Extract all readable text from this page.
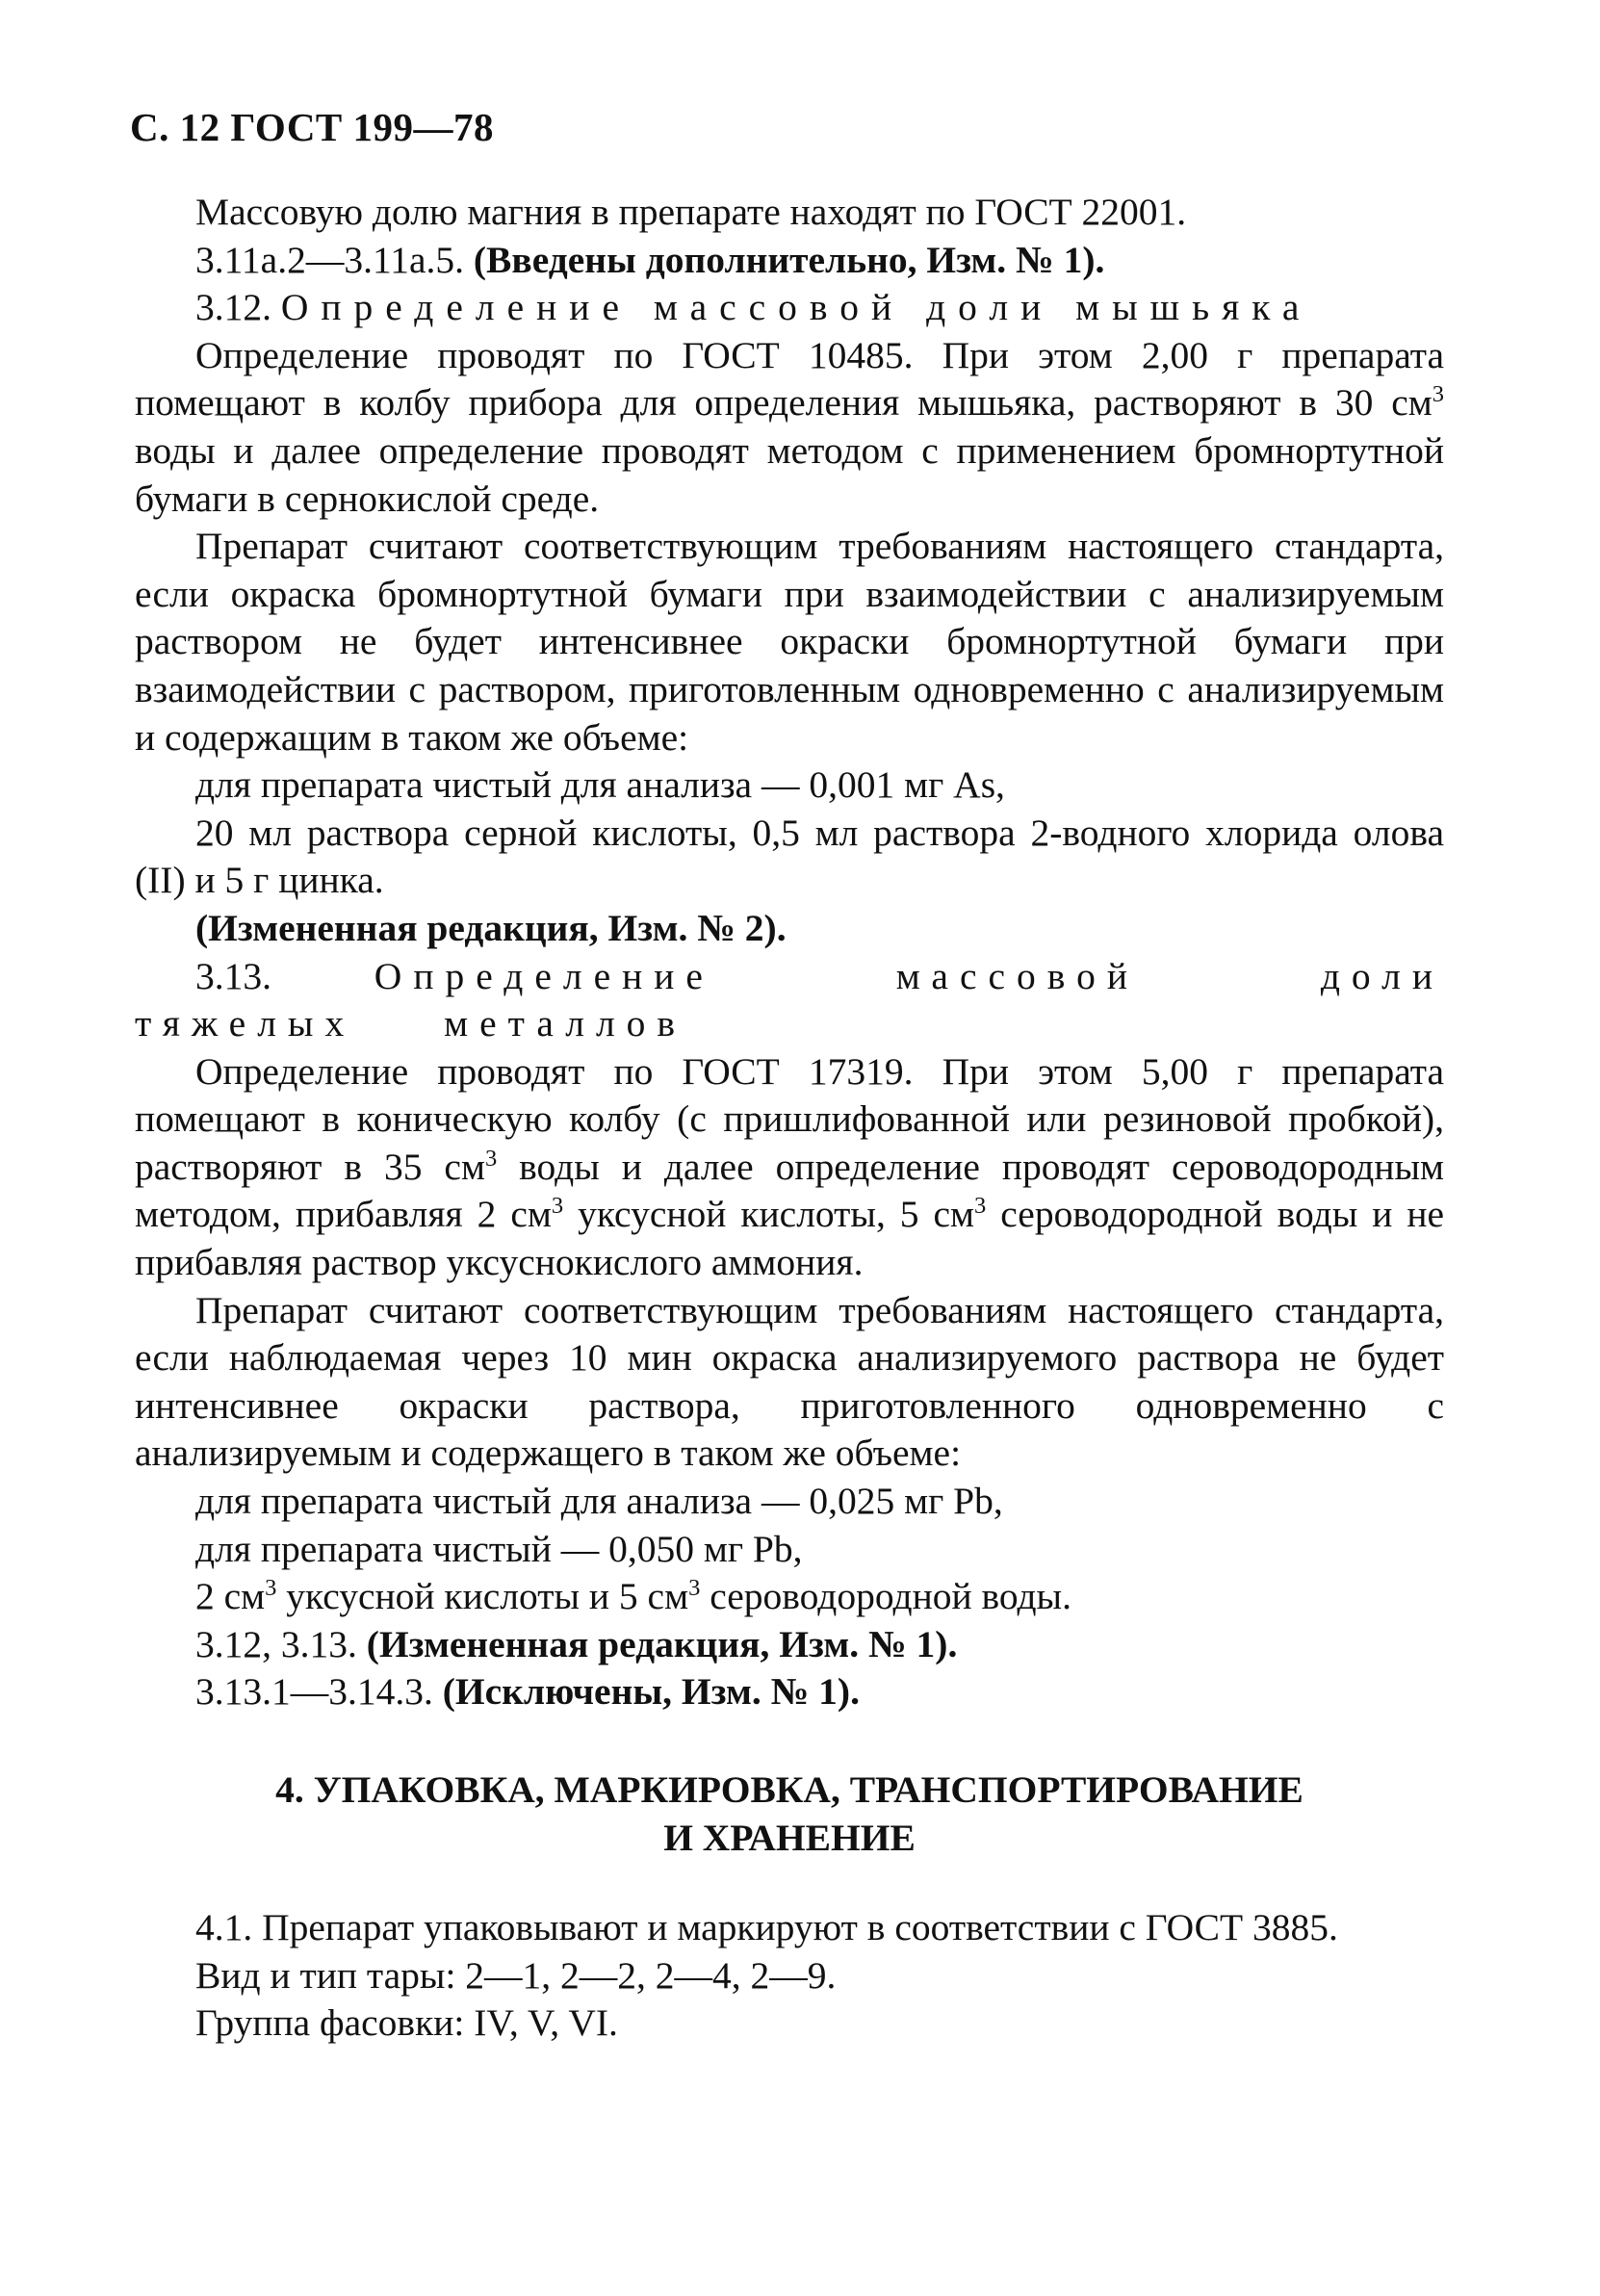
С. 12 ГОСТ 199—78

Массовую долю магния в препарате находят по ГОСТ 22001.

3.11a.2—3.11a.5. (Введены дополнительно, Изм. № 1).

3.12. Определение массовой доли мышьяка

Определение проводят по ГОСТ 10485. При этом 2,00 г препарата помещают в колбу прибора для определения мышьяка, растворяют в 30 $см^3$ воды и далее определение проводят методом с применением бромнортутной бумаги в сернокислой среде.

Препарат считают соответствующим требованиям настоящего стандарта, если окраска бромнортутной бумаги при взаимодействии с анализируемым раствором не будет интенсивнее окраски бромнортутной бумаги при взаимодействии с раствором, приготовленным одновременно с анализируемым и содержащим в таком же объеме:

для препарата чистый для анализа — 0,001 мг As,

20 мл раствора серной кислоты, 0,5 мл раствора 2-водного хлорида олова (II) и 5 г цинка.

(Измененная редакция, Изм. № 2).

3.13. Определение массовой доли тяжелых металлов

Определение проводят по ГОСТ 17319. При этом 5,00 г препарата помещают в коническую колбу (с пришлифованной или резиновой пробкой), растворяют в 35 $см^3$ воды и далее определение проводят сероводородным методом, прибавляя 2 $см^3$ уксусной кислоты, 5 $см^3$ сероводородной воды и не прибавляя раствор уксуснокислого аммония.

Препарат считают соответствующим требованиям настоящего стандарта, если наблюдаемая через 10 мин окраска анализируемого раствора не будет интенсивнее окраски раствора, приготовленного одновременно с анализируемым и содержащего в таком же объеме:

для препарата чистый для анализа — 0,025 мг Pb,

для препарата чистый — 0,050 мг Pb,

2 $см^3$ уксусной кислоты и 5 $см^3$ сероводородной воды.

3.12, 3.13. (Измененная редакция, Изм. № 1).

3.13.1—3.14.3. (Исключены, Изм. № 1).

4. УПАКОВКА, МАРКИРОВКА, ТРАНСПОРТИРОВАНИЕ

И ХРАНЕНИЕ

4.1. Препарат упаковывают и маркируют в соответствии с ГОСТ 3885.

Вид и тип тары: 2—1, 2—2, 2—4, 2—9.

Группа фасовки: IV, V, VI.
